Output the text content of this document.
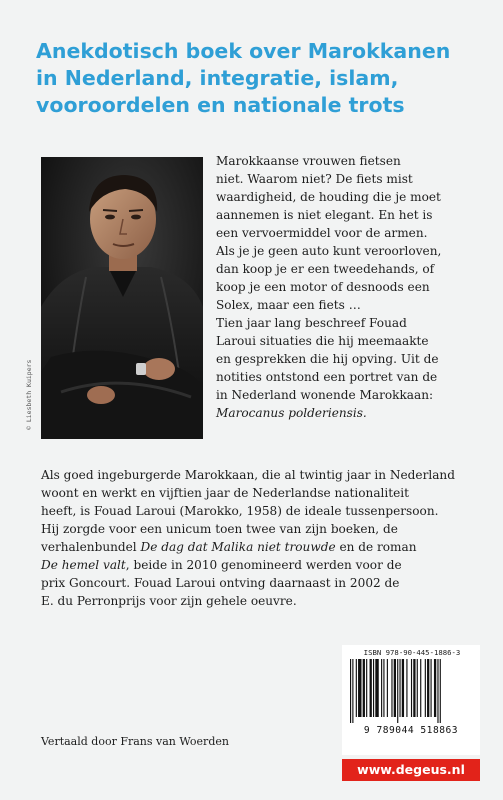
Anekdotisch boek over Marokkanen
in Nederland, integratie, islam,
vooroordelen en nationale trots
© Liesbeth Kuipers
Marokkaanse vrouwen fietsen
niet. Waarom niet? De fiets mist
waardigheid, de houding die je moet
aannemen is niet elegant. En het is
een vervoermiddel voor de armen.
Als je je geen auto kunt veroorloven,
dan koop je er een tweedehands, of
koop je een motor of desnoods een
Solex, maar een fiets …
Tien jaar lang beschreef Fouad
Laroui situaties die hij meemaakte
en gesprekken die hij opving. Uit de
notities ontstond een portret van de
in Nederland wonende Marokkaan:
Marocanus polderiensis.
Als goed ingeburgerde Marokkaan, die al twintig jaar in Nederland
woont en werkt en vijftien jaar de Nederlandse nationaliteit
heeft, is Fouad Laroui (Marokko, 1958) de ideale tussenpersoon.
Hij zorgde voor een unicum toen twee van zijn boeken, de
verhalenbundel De dag dat Malika niet trouwde en de roman
De hemel valt, beide in 2010 genomineerd werden voor de
prix Goncourt. Fouad Laroui ontving daarnaast in 2002 de
E. du Perronprijs voor zijn gehele oeuvre.
ISBN 978-90-445-1886-3
9 789044 518863
www.degeus.nl
Vertaald door Frans van Woerden
